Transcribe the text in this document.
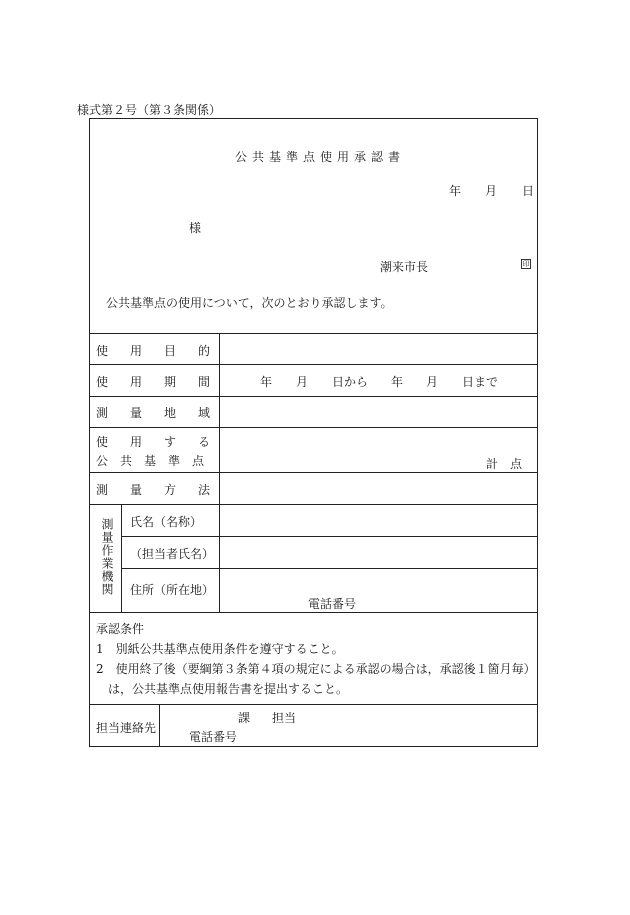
様式第２号（第３条関係）
公共基準点使用承認書
年 月 日
様
潮来市長	印
公共基準点の使用について，次のとおり承認します。
使用目的
使用期間 年 月 日から 年 月 日まで
測量地域
使用する
公共基準点	計　点
測量方法
測量作業機関 氏名（名称）
（担当者氏名）
住所（所在地）
電話番号
承認条件
1　別紙公共基準点使用条件を遵守すること。
2　使用終了後（要綱第３条第４項の規定による承認の場合は，承認後１箇月毎）
は，公共基準点使用報告書を提出すること。
担当連絡先
課 担当
電話番号
